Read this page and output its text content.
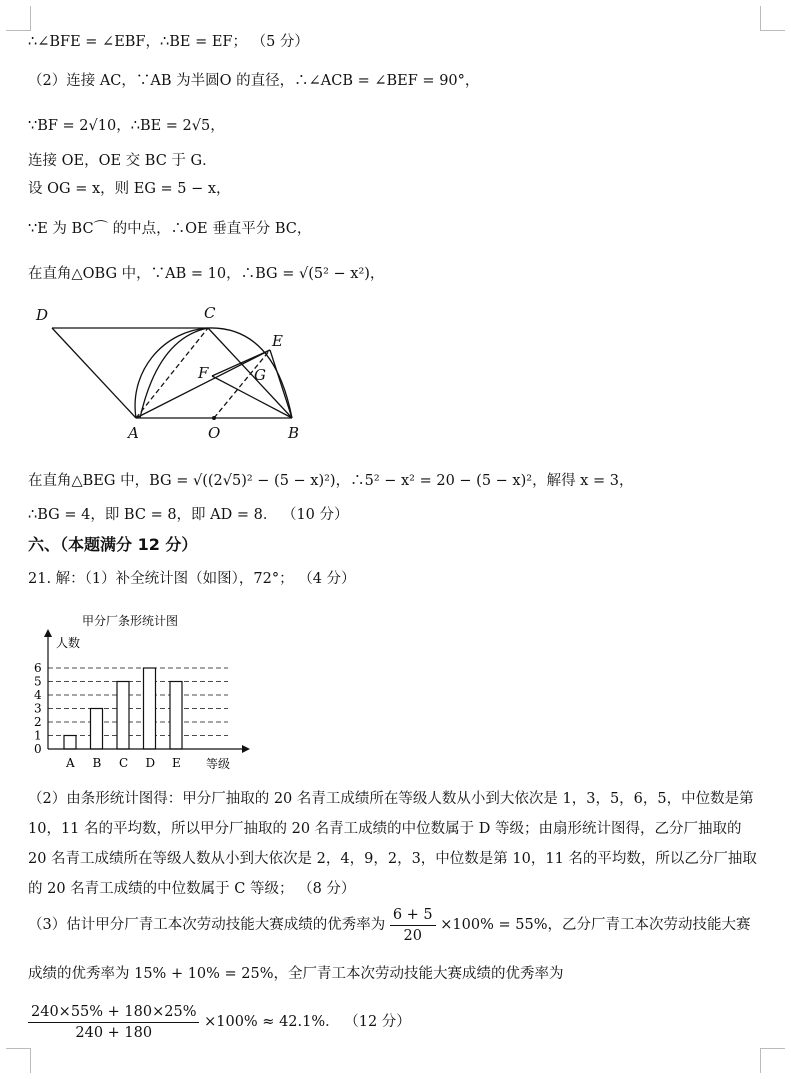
∴∠BFE = ∠EBF，∴BE = EF； （5 分）
（2）连接 AC，∵AB 为半圆O 的直径，∴∠ACB = ∠BEF = 90°，
∵BF = 2√10，∴BE = 2√5，
连接 OE，OE 交 BC 于 G．
设 OG = x，则 EG = 5 − x，
∵E 为 BC⌒ 的中点，∴OE 垂直平分 BC，
在直角△OBG 中，∵AB = 10，∴BG = √(5² − x²)，
D	C
E
F	G
A	O	B
在直角△BEG 中，BG = √((2√5)² − (5 − x)²)，∴5² − x² = 20 − (5 − x)²，解得 x = 3，
∴BG = 4，即 BC = 8，即 AD = 8． （10 分）
六、（本题满分 12 分）
21. 解：（1）补全统计图（如图），72°； （4 分）
甲分厂条形统计图
人数
等级
0
1
2
3
4
5
6
A B C D E
（2）由条形统计图得：甲分厂抽取的 20 名青工成绩所在等级人数从小到大依次是 1，3，5，6，5，中位数是第 10，11 名的平均数，所以甲分厂抽取的 20 名青工成绩的中位数属于 D 等级；由扇形统计图得，乙分厂抽取的 20 名青工成绩所在等级人数从小到大依次是 2，4，9，2，3，中位数是第 10，11 名的平均数，所以乙分厂抽取的 20 名青工成绩的中位数属于 C 等级； （8 分）
（3）估计甲分厂青工本次劳动技能大赛成绩的优秀率为 $\frac{6 + 5}{20} \times 100\% = 55\%$，乙分厂青工本次劳动技能大赛
成绩的优秀率为 15% + 10% = 25%，全厂青工本次劳动技能大赛成绩的优秀率为
$\frac{240\times 55\% + 180\times 25\%}{240 + 180} \times 100\% \approx 42.1\%$． （12 分）
